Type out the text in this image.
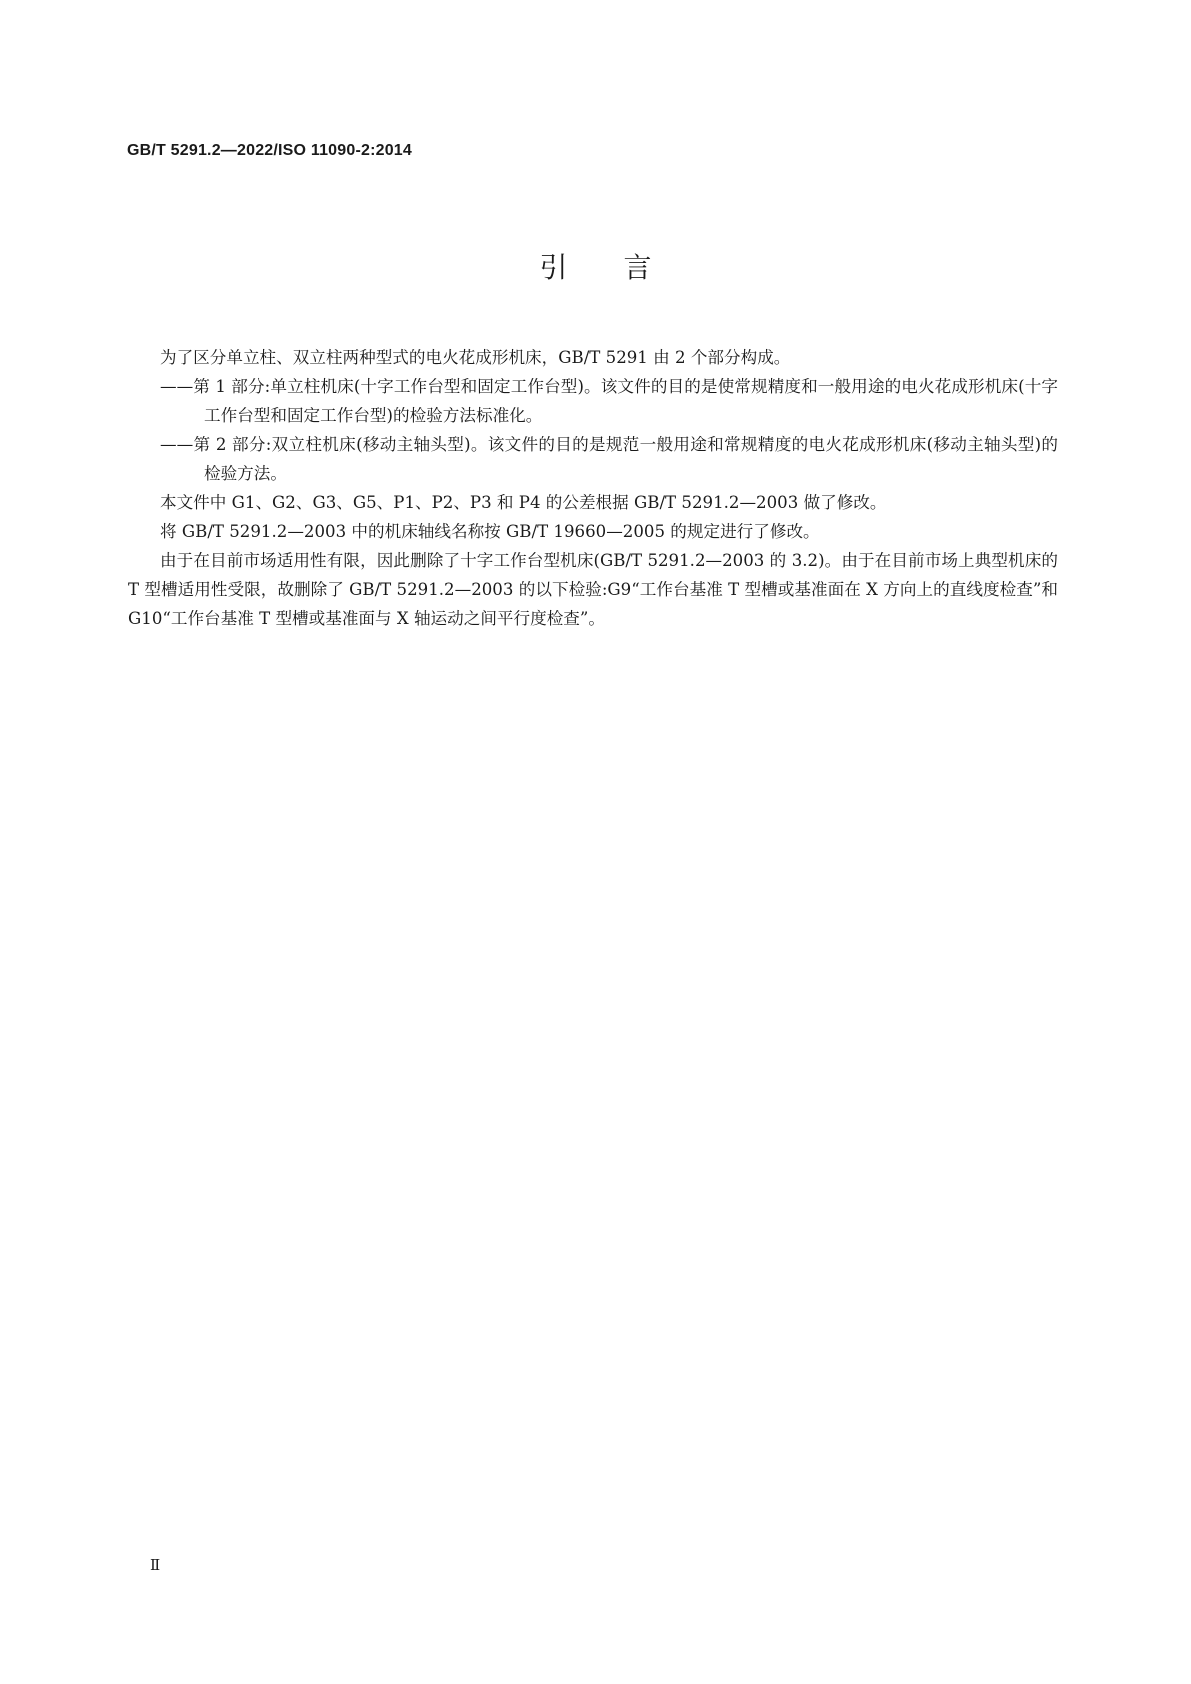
GB/T 5291.2—2022/ISO 11090-2:2014
引言

为了区分单立柱、双立柱两种型式的电火花成形机床，GB/T 5291 由 2 个部分构成。

——第 1 部分:单立柱机床(十字工作台型和固定工作台型)。该文件的目的是使常规精度和一般用途的电火花成形机床(十字工作台型和固定工作台型)的检验方法标准化。

——第 2 部分:双立柱机床(移动主轴头型)。该文件的目的是规范一般用途和常规精度的电火花成形机床(移动主轴头型)的检验方法。

本文件中 G1、G2、G3、G5、P1、P2、P3 和 P4 的公差根据 GB/T 5291.2—2003 做了修改。

将 GB/T 5291.2—2003 中的机床轴线名称按 GB/T 19660—2005 的规定进行了修改。

由于在目前市场适用性有限，因此删除了十字工作台型机床(GB/T 5291.2—2003 的 3.2)。由于在目前市场上典型机床的 T 型槽适用性受限，故删除了 GB/T 5291.2—2003 的以下检验:G9“工作台基准 T 型槽或基准面在 X 方向上的直线度检查”和 G10“工作台基准 T 型槽或基准面与 X 轴运动之间平行度检查”。

Ⅱ
